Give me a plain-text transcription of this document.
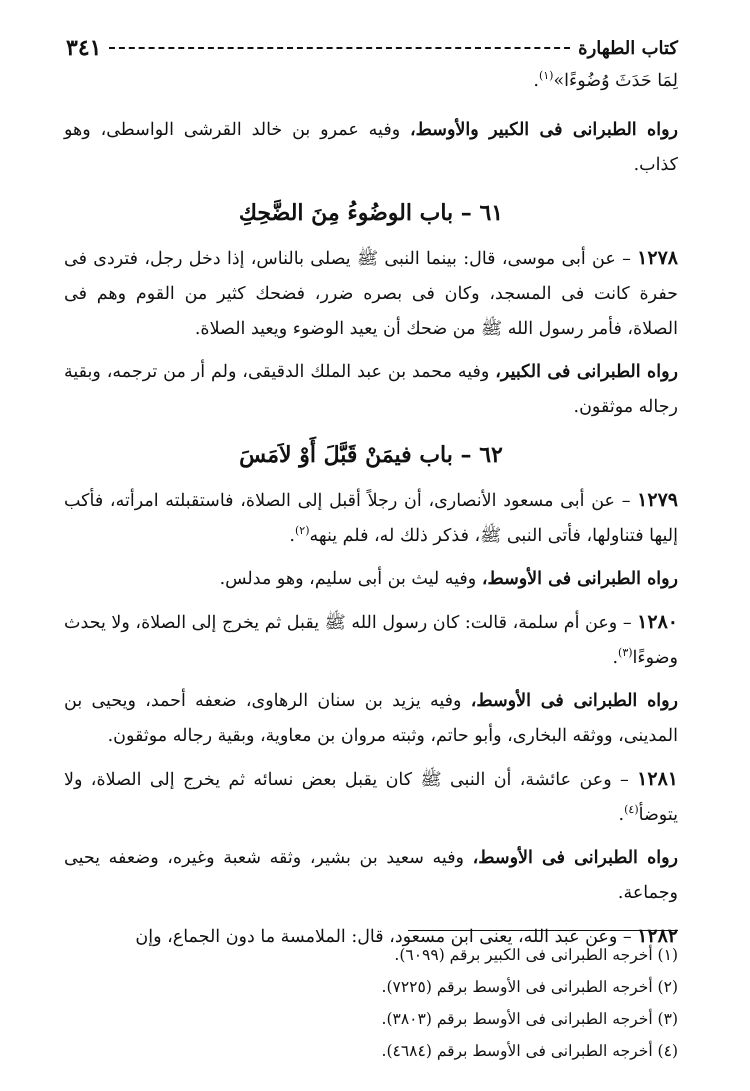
كتاب الطهارة
٣٤١

لِمَا حَدَثَ وُضُوءًا»$^{(١)}$.

رواه الطبرانى فى الكبير والأوسط، وفيه عمرو بن خالد القرشى الواسطى، وهو كذاب.

٦١ – باب الوضُوءُ مِنَ الضَّحِكِ

١٢٧٨ – عن أبى موسى، قال: بينما النبى ﷺ يصلى بالناس، إذا دخل رجل، فتردى فى حفرة كانت فى المسجد، وكان فى بصره ضرر، فضحك كثير من القوم وهم فى الصلاة، فأمر رسول الله ﷺ من ضحك أن يعيد الوضوء ويعيد الصلاة.

رواه الطبرانى فى الكبير، وفيه محمد بن عبد الملك الدقيقى، ولم أر من ترجمه، وبقية رجاله موثقون.

٦٢ – باب فيمَنْ قَبَّلَ أَوْ لاَمَسَ

١٢٧٩ – عن أبى مسعود الأنصارى، أن رجلاً أقبل إلى الصلاة، فاستقبلته امرأته، فأكب إليها فتناولها، فأتى النبى ﷺ، فذكر ذلك له، فلم ينهه$^{(٢)}$.

رواه الطبرانى فى الأوسط، وفيه ليث بن أبى سليم، وهو مدلس.

١٢٨٠ – وعن أم سلمة، قالت: كان رسول الله ﷺ يقبل ثم يخرج إلى الصلاة، ولا يحدث وضوءًا$^{(٣)}$.

رواه الطبرانى فى الأوسط، وفيه يزيد بن سنان الرهاوى، ضعفه أحمد، ويحيى بن المدينى، ووثقه البخارى، وأبو حاتم، وثبته مروان بن معاوية، وبقية رجاله موثقون.

١٢٨١ – وعن عائشة، أن النبى ﷺ كان يقبل بعض نسائه ثم يخرج إلى الصلاة، ولا يتوضأ$^{(٤)}$.

رواه الطبرانى فى الأوسط، وفيه سعيد بن بشير، وثقه شعبة وغيره، وضعفه يحيى وجماعة.

١٢٨٢ – وعن عبد الله، يعنى ابن مسعود، قال: الملامسة ما دون الجماع، وإن

(١) أخرجه الطبرانى فى الكبير برقم (٦٠٩٩).
(٢) أخرجه الطبرانى فى الأوسط برقم (٧٢٢٥).
(٣) أخرجه الطبرانى فى الأوسط برقم (٣٨٠٣).
(٤) أخرجه الطبرانى فى الأوسط برقم (٤٦٨٤).
